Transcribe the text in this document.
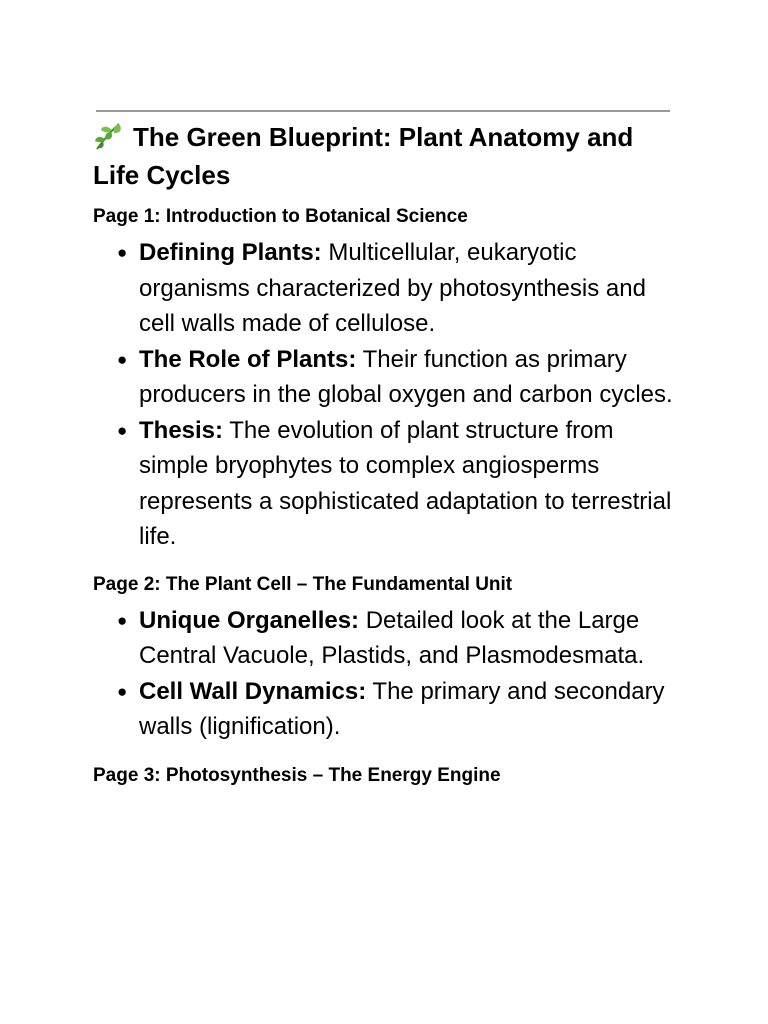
The Green Blueprint: Plant Anatomy and Life Cycles
Page 1: Introduction to Botanical Science
● Defining Plants: Multicellular, eukaryotic organisms characterized by photosynthesis and cell walls made of cellulose.
● The Role of Plants: Their function as primary producers in the global oxygen and carbon cycles.
● Thesis: The evolution of plant structure from simple bryophytes to complex angiosperms represents a sophisticated adaptation to terrestrial life.
Page 2: The Plant Cell – The Fundamental Unit
● Unique Organelles: Detailed look at the Large Central Vacuole, Plastids, and Plasmodesmata.
● Cell Wall Dynamics: The primary and secondary walls (lignification).
Page 3: Photosynthesis – The Energy Engine
